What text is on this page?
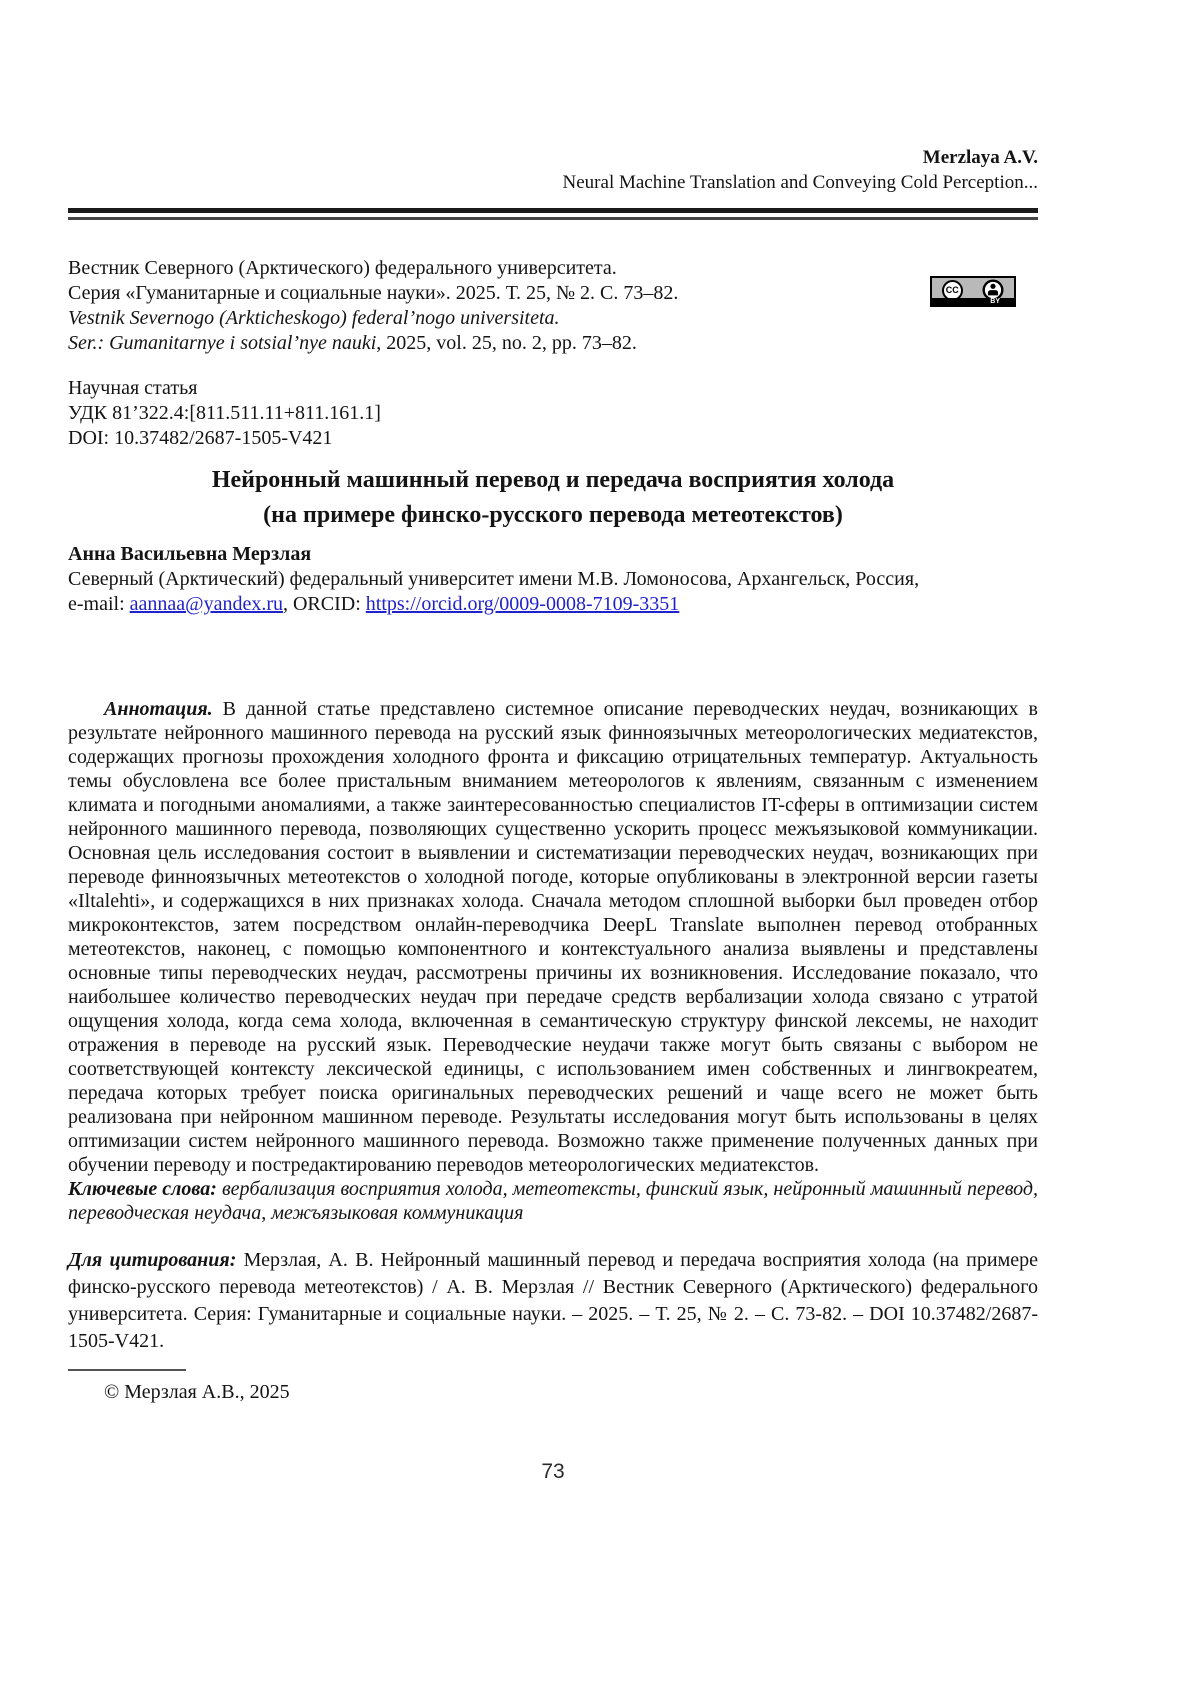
Merzlaya A.V.
Neural Machine Translation and Conveying Cold Perception...
Вестник Северного (Арктического) федерального университета.
Серия «Гуманитарные и социальные науки». 2025. Т. 25, № 2. С. 73–82.
Vestnik Severnogo (Arkticheskogo) federal’nogo universiteta.
Ser.: Gumanitarnye i sotsial’nye nauki, 2025, vol. 25, no. 2, pp. 73–82.
CC
BY
Научная статья
УДК 81’322.4:[811.511.11+811.161.1]
DOI: 10.37482/2687-1505-V421
Нейронный машинный перевод и передача восприятия холода
(на примере финско-русского перевода метеотекстов)
Анна Васильевна Мерзлая
Северный (Арктический) федеральный университет имени М.В. Ломоносова, Архангельск, Россия,
e-mail: aannaa@yandex.ru, ORCID: https://orcid.org/0009-0008-7109-3351
Аннотация. В данной статье представлено системное описание переводческих неудач, возникающих в результате нейронного машинного перевода на русский язык финноязычных метеорологических медиатекстов, содержащих прогнозы прохождения холодного фронта и фиксацию отрицательных температур. Актуальность темы обусловлена все более пристальным вниманием метеорологов к явлениям, связанным с изменением климата и погодными аномалиями, а также заинтересованностью специалистов IT-сферы в оптимизации систем нейронного машинного перевода, позволяющих существенно ускорить процесс межъязыковой коммуникации. Основная цель исследования состоит в выявлении и систематизации переводческих неудач, возникающих при переводе финноязычных метеотекстов о холодной погоде, которые опубликованы в электронной версии газеты «Iltalehti», и содержащихся в них признаках холода. Сначала методом сплошной выборки был проведен отбор микроконтекстов, затем посредством онлайн-переводчика DeepL Translate выполнен перевод отобранных метеотекстов, наконец, с помощью компонентного и контекстуального анализа выявлены и представлены основные типы переводческих неудач, рассмотрены причины их возникновения. Исследование показало, что наибольшее количество переводческих неудач при передаче средств вербализации холода связано с утратой ощущения холода, когда сема холода, включенная в семантическую структуру финской лексемы, не находит отражения в переводе на русский язык. Переводческие неудачи также могут быть связаны с выбором не соответствующей контексту лексической единицы, с использованием имен собственных и лингвокреатем, передача которых требует поиска оригинальных переводческих решений и чаще всего не может быть реализована при нейронном машинном переводе. Результаты исследования могут быть использованы в целях оптимизации систем нейронного машинного перевода. Возможно также применение полученных данных при обучении переводу и постредактированию переводов метеорологических медиатекстов.
Ключевые слова: вербализация восприятия холода, метеотексты, финский язык, нейронный машинный перевод, переводческая неудача, межъязыковая коммуникация
Для цитирования: Мерзлая, А. В. Нейронный машинный перевод и передача восприятия холода (на примере финско-русского перевода метеотекстов) / А. В. Мерзлая // Вестник Северного (Арктического) федерального университета. Серия: Гуманитарные и социальные науки. – 2025. – Т. 25, № 2. – С. 73-82. – DOI 10.37482/2687-1505-V421.
© Мерзлая А.В., 2025
73
